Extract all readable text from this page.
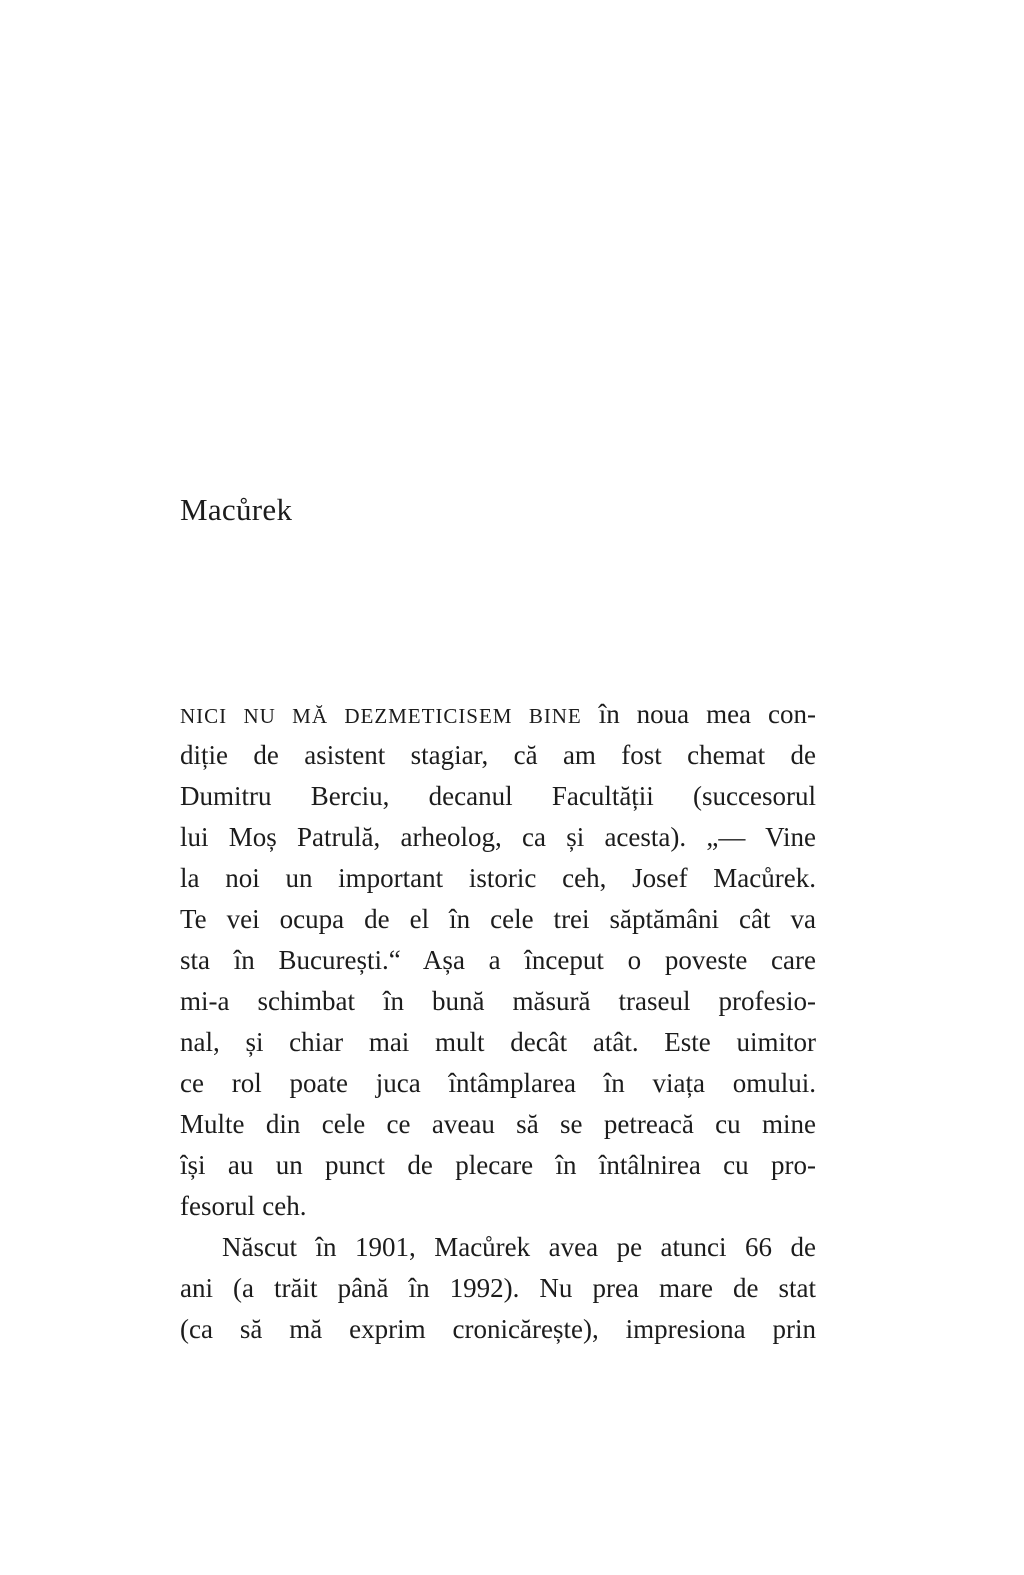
Macůrek
NICI NU MĂ DEZMETICISEM BINE în noua mea con-
diție de asistent stagiar, că am fost chemat de
Dumitru Berciu, decanul Facultății (succesorul
lui Moș Patrulă, arheolog, ca și acesta). „— Vine
la noi un important istoric ceh, Josef Macůrek.
Te vei ocupa de el în cele trei săptămâni cât va
sta în București.“ Așa a început o poveste care
mi-a schimbat în bună măsură traseul profesio-
nal, și chiar mai mult decât atât. Este uimitor
ce rol poate juca întâmplarea în viața omului.
Multe din cele ce aveau să se petreacă cu mine
își au un punct de plecare în întâlnirea cu pro-
fesorul ceh.
Născut în 1901, Macůrek avea pe atunci 66 de
ani (a trăit până în 1992). Nu prea mare de stat
(ca să mă exprim cronicărește), impresiona prin
